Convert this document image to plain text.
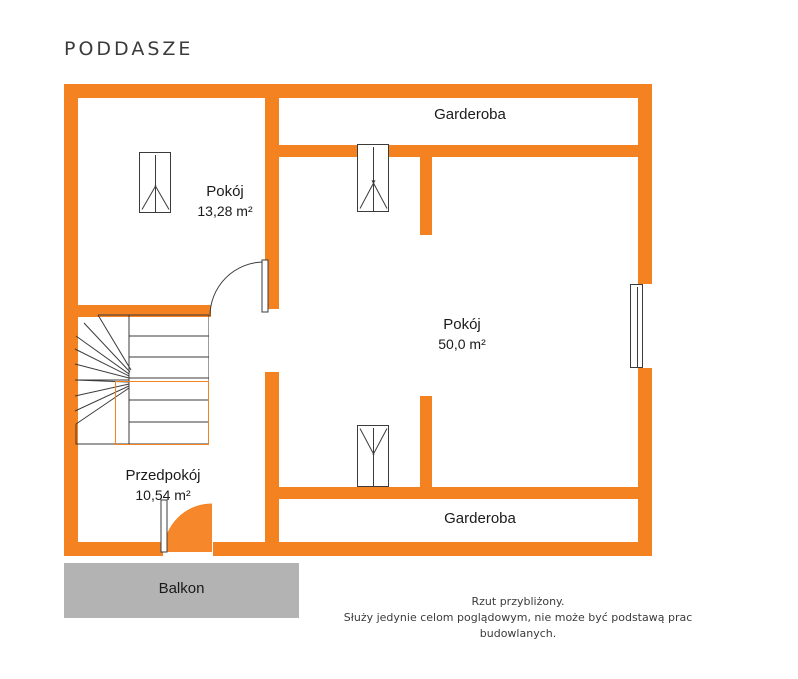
PODDASZE
Balkon
Pokój
13,28 m²
Garderoba
Pokój
50,0 m²
Garderoba
Przedpokój
10,54 m²
Rzut przybliżony.
Służy jedynie celom poglądowym, nie może być podstawą prac budowlanych.
